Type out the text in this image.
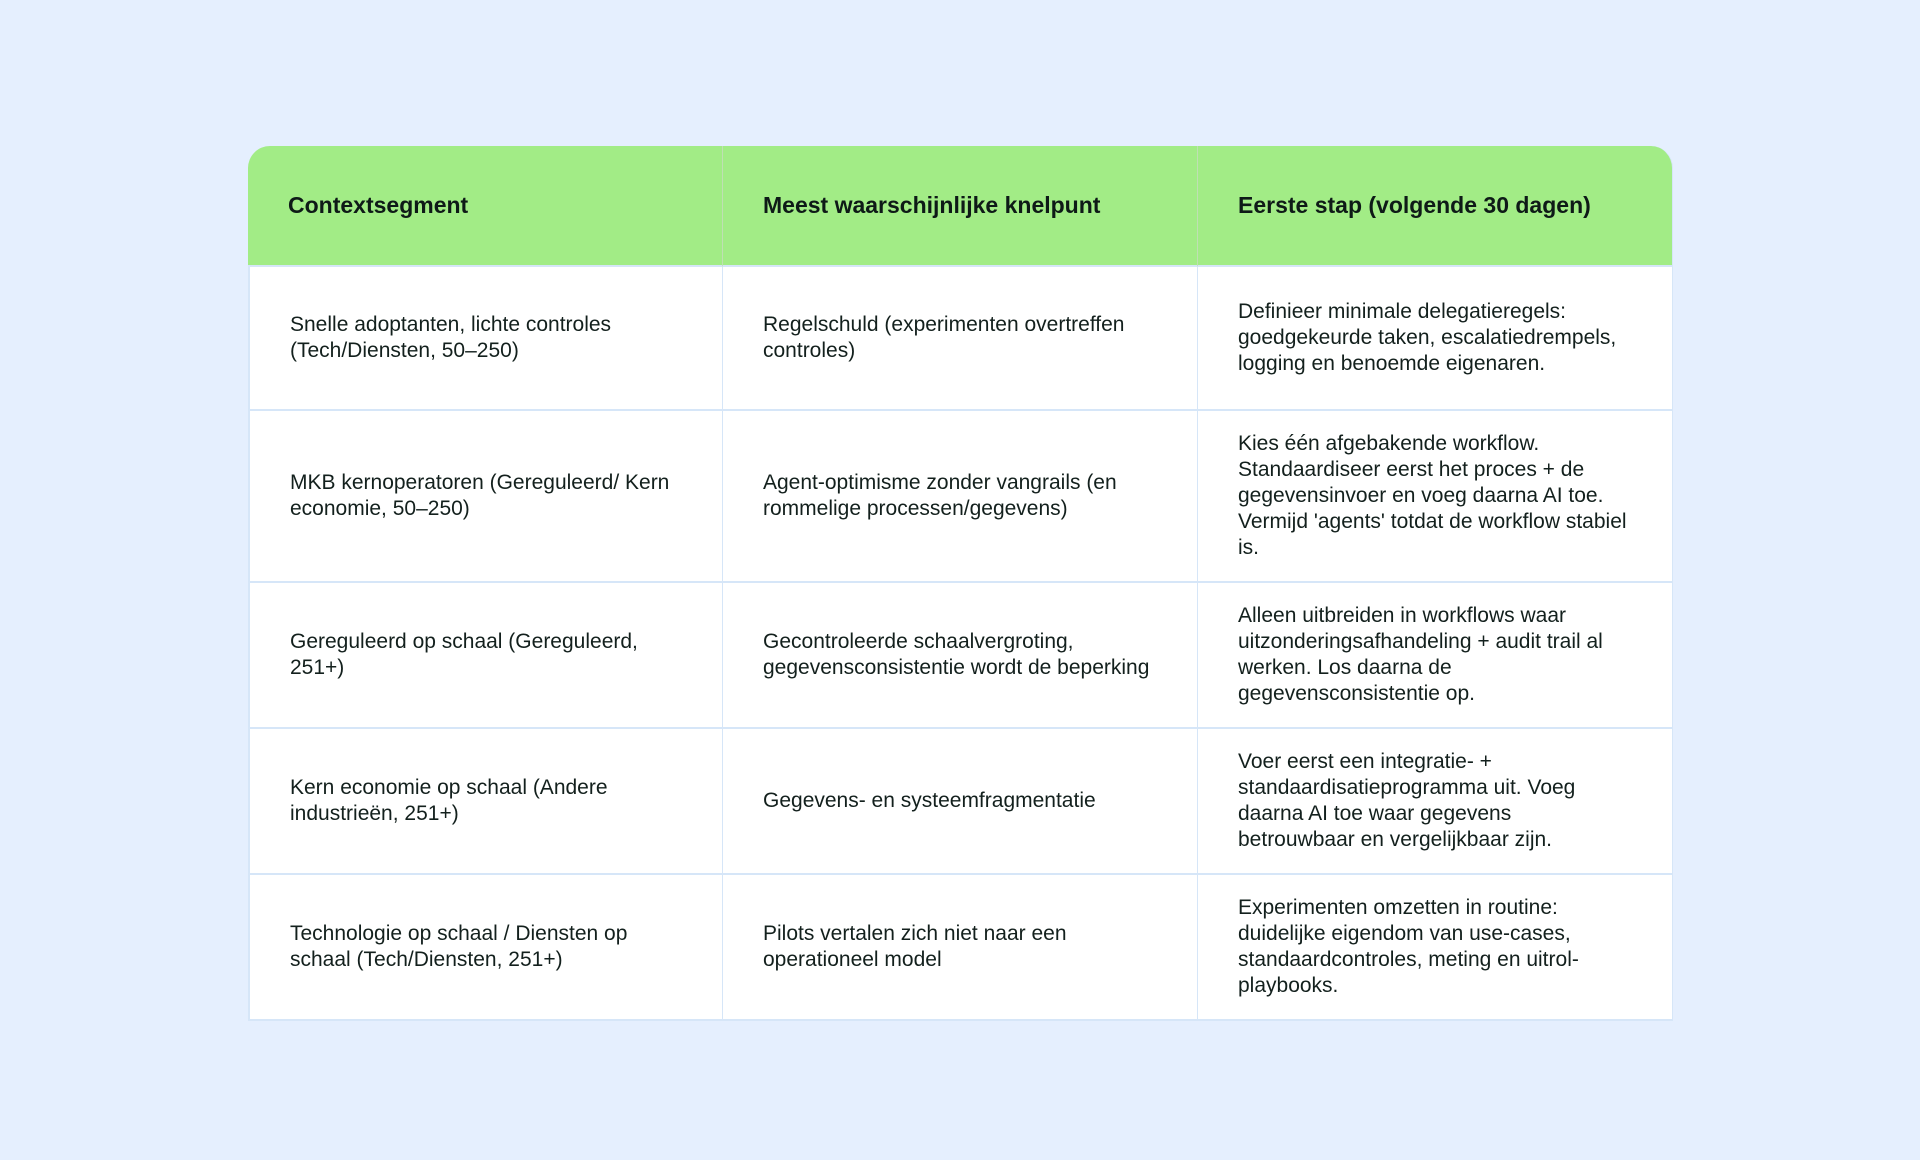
Contextsegment	Meest waarschijnlijke knelpunt	Eerste stap (volgende 30 dagen)
Snelle adoptanten, lichte controles (Tech/Diensten, 50–250)	Regelschuld (experimenten overtreffen controles)	Definieer minimale delegatieregels: goedgekeurde taken, escalatiedrempels, logging en benoemde eigenaren.
MKB kernoperatoren (Gereguleerd/ Kern economie, 50–250)	Agent-optimisme zonder vangrails (en rommelige processen/gegevens)	Kies één afgebakende workflow. Standaardiseer eerst het proces + de gegevensinvoer en voeg daarna AI toe. Vermijd 'agents' totdat de workflow stabiel is.
Gereguleerd op schaal (Gereguleerd, 251+)	Gecontroleerde schaalvergroting, gegevensconsistentie wordt de beperking	Alleen uitbreiden in workflows waar uitzonderingsafhandeling + audit trail al werken. Los daarna de gegevensconsistentie op.
Kern economie op schaal (Andere industrieën, 251+)	Gegevens- en systeemfragmentatie	Voer eerst een integratie- + standaardisatieprogramma uit. Voeg daarna AI toe waar gegevens betrouwbaar en vergelijkbaar zijn.
Technologie op schaal / Diensten op schaal (Tech/Diensten, 251+)	Pilots vertalen zich niet naar een operationeel model	Experimenten omzetten in routine: duidelijke eigendom van use-cases, standaardcontroles, meting en uitrol-playbooks.
